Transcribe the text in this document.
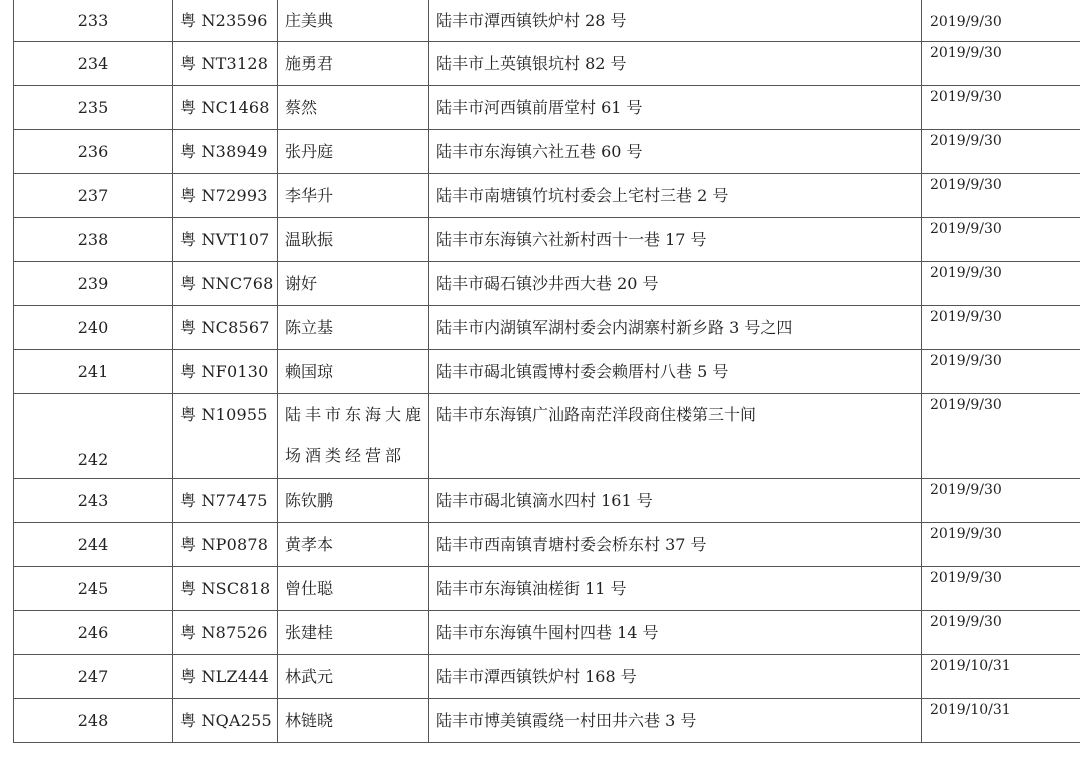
233	粤 N23596	庄美典	陆丰市潭西镇铁炉村 28 号	2019/9/30
234	粤 NT3128	施勇君	陆丰市上英镇银坑村 82 号	2019/9/30
235	粤 NC1468	蔡然	陆丰市河西镇前厝堂村 61 号	2019/9/30
236	粤 N38949	张丹庭	陆丰市东海镇六社五巷 60 号	2019/9/30
237	粤 N72993	李华升	陆丰市南塘镇竹坑村委会上宅村三巷 2 号	2019/9/30
238	粤 NVT107	温耿振	陆丰市东海镇六社新村西十一巷 17 号	2019/9/30
239	粤 NNC768	谢好	陆丰市碣石镇沙井西大巷 20 号	2019/9/30
240	粤 NC8567	陈立基	陆丰市内湖镇军湖村委会内湖寨村新乡路 3 号之四	2019/9/30
241	粤 NF0130	赖国琼	陆丰市碣北镇霞博村委会赖厝村八巷 5 号	2019/9/30
242	粤 N10955	陆丰市东海大鹿场酒类经营部	陆丰市东海镇广汕路南茫洋段商住楼第三十间	2019/9/30
243	粤 N77475	陈钦鹏	陆丰市碣北镇滴水四村 161 号	2019/9/30
244	粤 NP0878	黄孝本	陆丰市西南镇青塘村委会桥东村 37 号	2019/9/30
245	粤 NSC818	曾仕聪	陆丰市东海镇油槎街 11 号	2019/9/30
246	粤 N87526	张建桂	陆丰市东海镇牛囤村四巷 14 号	2019/9/30
247	粤 NLZ444	林武元	陆丰市潭西镇铁炉村 168 号	2019/10/31
248	粤 NQA255	林链晓	陆丰市博美镇霞绕一村田井六巷 3 号	2019/10/31
